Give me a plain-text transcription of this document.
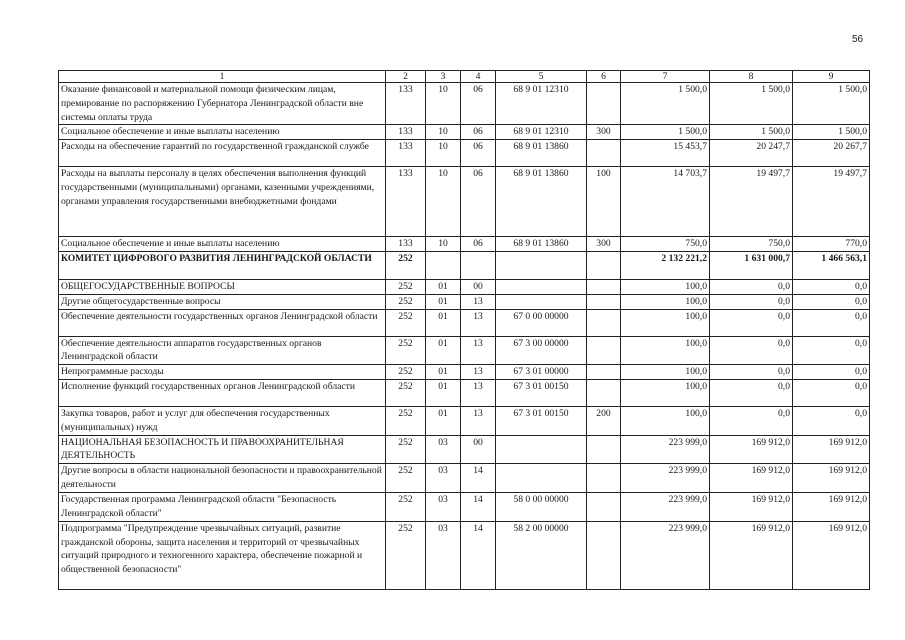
56
1	2	3	4	5	6	7	8	9
Оказание финансовой и материальной помощи физическим лицам, премирование по распоряжению Губернатора Ленинградской области вне системы оплаты труда	133	10	06	68 9 01 12310		1 500,0	1 500,0	1 500,0
Социальное обеспечение и иные выплаты населению	133	10	06	68 9 01 12310	300	1 500,0	1 500,0	1 500,0
Расходы на обеспечение гарантий по государственной гражданской службе	133	10	06	68 9 01 13860		15 453,7	20 247,7	20 267,7
Расходы на выплаты персоналу в целях обеспечения выполнения функций государственными (муниципальными) органами, казенными учреждениями, органами управления государственными внебюджетными фондами	133	10	06	68 9 01 13860	100	14 703,7	19 497,7	19 497,7
Социальное обеспечение и иные выплаты населению	133	10	06	68 9 01 13860	300	750,0	750,0	770,0
КОМИТЕТ ЦИФРОВОГО РАЗВИТИЯ ЛЕНИНГРАДСКОЙ ОБЛАСТИ	252					2 132 221,2	1 631 000,7	1 466 563,1
ОБЩЕГОСУДАРСТВЕННЫЕ ВОПРОСЫ	252	01	00			100,0	0,0	0,0
Другие общегосударственные вопросы	252	01	13			100,0	0,0	0,0
Обеспечение деятельности государственных органов Ленинградской области	252	01	13	67 0 00 00000		100,0	0,0	0,0
Обеспечение деятельности аппаратов государственных органов Ленинградской области	252	01	13	67 3 00 00000		100,0	0,0	0,0
Непрограммные расходы	252	01	13	67 3 01 00000		100,0	0,0	0,0
Исполнение функций государственных органов Ленинградской области	252	01	13	67 3 01 00150		100,0	0,0	0,0
Закупка товаров, работ и услуг для обеспечения государственных (муниципальных) нужд	252	01	13	67 3 01 00150	200	100,0	0,0	0,0
НАЦИОНАЛЬНАЯ БЕЗОПАСНОСТЬ И ПРАВООХРАНИТЕЛЬНАЯ ДЕЯТЕЛЬНОСТЬ	252	03	00			223 999,0	169 912,0	169 912,0
Другие вопросы в области национальной безопасности и правоохранительной деятельности	252	03	14			223 999,0	169 912,0	169 912,0
Государственная программа Ленинградской области "Безопасность Ленинградской области"	252	03	14	58 0 00 00000		223 999,0	169 912,0	169 912,0
Подпрограмма "Предупреждение чрезвычайных ситуаций, развитие гражданской обороны, защита населения и территорий от чрезвычайных ситуаций природного и техногенного характера, обеспечение пожарной и общественной безопасности"	252	03	14	58 2 00 00000		223 999,0	169 912,0	169 912,0
